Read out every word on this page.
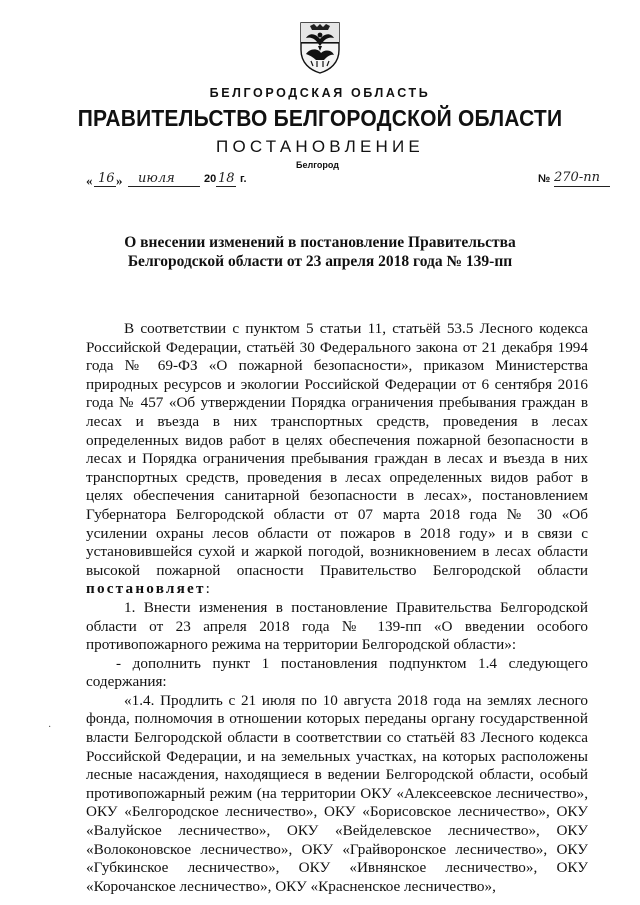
БЕЛГОРОДСКАЯ ОБЛАСТЬ
ПРАВИТЕЛЬСТВО БЕЛГОРОДСКОЙ ОБЛАСТИ
ПОСТАНОВЛЕНИЕ
Белгород
« 16 » июля	20 18 г.	№ 270-пп
О внесении изменений в постановление Правительства
Белгородской области от 23 апреля 2018 года № 139-пп

В соответствии с пунктом 5 статьи 11, статьёй 53.5 Лесного кодекса Российской Федерации, статьёй 30 Федерального закона от 21 декабря 1994 года № 69-ФЗ «О пожарной безопасности», приказом Министерства природных ресурсов и экологии Российской Федерации от 6 сентября 2016 года № 457 «Об утверждении Порядка ограничения пребывания граждан в лесах и въезда в них транспортных средств, проведения в лесах определенных видов работ в целях обеспечения пожарной безопасности в лесах и Порядка ограничения пребывания граждан в лесах и въезда в них транспортных средств, проведения в лесах определенных видов работ в целях обеспечения санитарной безопасности в лесах», постановлением Губернатора Белгородской области от 07 марта 2018 года № 30 «Об усилении охраны лесов области от пожаров в 2018 году» и в связи с установившейся сухой и жаркой погодой, возникновением в лесах области высокой пожарной опасности Правительство Белгородской области постановляет:

1. Внести изменения в постановление Правительства Белгородской области от 23 апреля 2018 года № 139-пп «О введении особого противопожарного режима на территории Белгородской области»:

- дополнить пункт 1 постановления подпунктом 1.4 следующего содержания:

«1.4. Продлить с 21 июля по 10 августа 2018 года на землях лесного фонда, полномочия в отношении которых переданы органу государственной власти Белгородской области в соответствии со статьёй 83 Лесного кодекса Российской Федерации, и на земельных участках, на которых расположены лесные насаждения, находящиеся в ведении Белгородской области, особый противопожарный режим (на территории ОКУ «Алексеевское лесничество», ОКУ «Белгородское лесничество», ОКУ «Борисовское лесничество», ОКУ «Валуйское лесничество», ОКУ «Вейделевское лесничество», ОКУ «Волоконовское лесничество», ОКУ «Грайворонское лесничество», ОКУ «Губкинское лесничество», ОКУ «Ивнянское лесничество», ОКУ «Корочанское лесничество», ОКУ «Красненское лесничество»,

·
